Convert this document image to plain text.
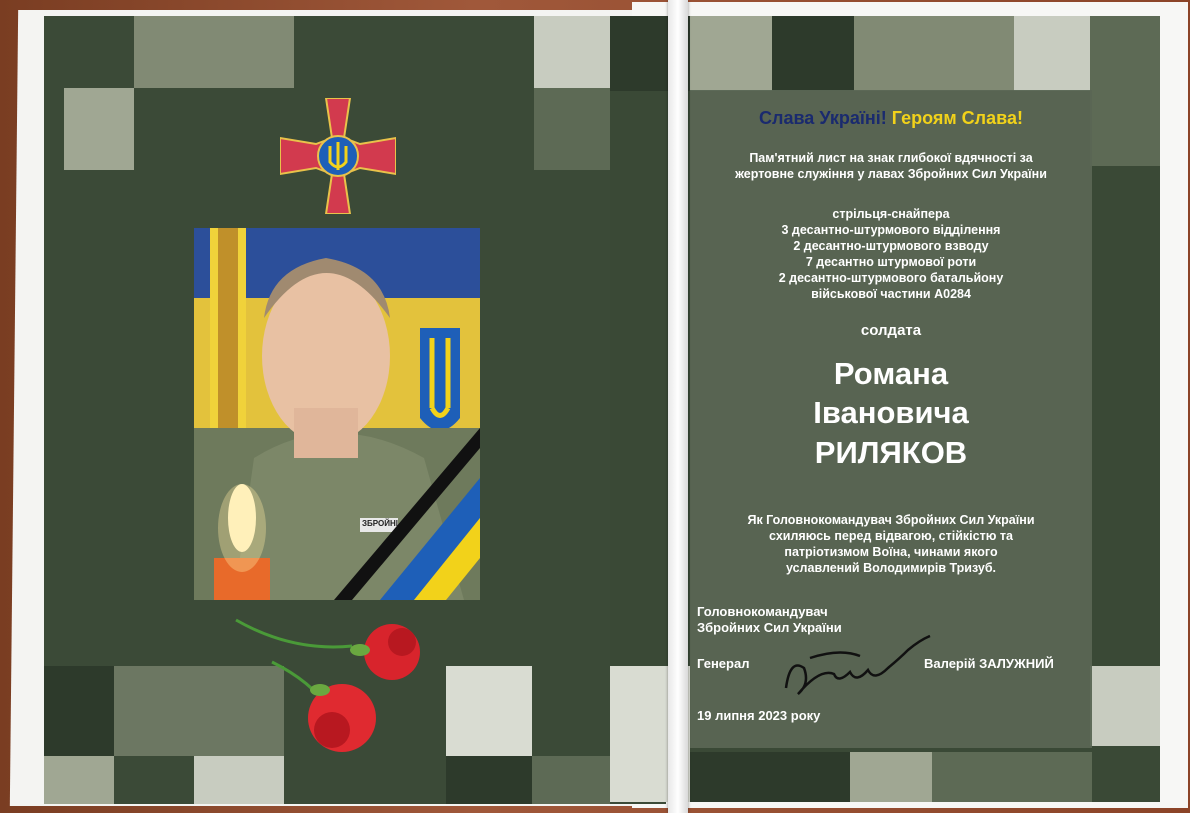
ЗБРОЙНІ
Слава Україні! Героям Слава!
Пам'ятний лист на знак глибокої вдячності за
жертовне служіння у лавах Збройних Сил України
стрільця-снайпера
3 десантно-штурмового відділення
2 десантно-штурмового взводу
7 десантно штурмової роти
2 десантно-штурмового батальйону
військової частини А0284
солдата
Романа
Івановича
РИЛЯКОВ
Як Головнокомандувач Збройних Сил України
схиляюсь перед відвагою, стійкістю та
патріотизмом Воїна, чинами якого
уславлений Володимирів Тризуб.
Головнокомандувач
Збройних Сил України
Генерал	Валерій ЗАЛУЖНИЙ
19 липня 2023 року
